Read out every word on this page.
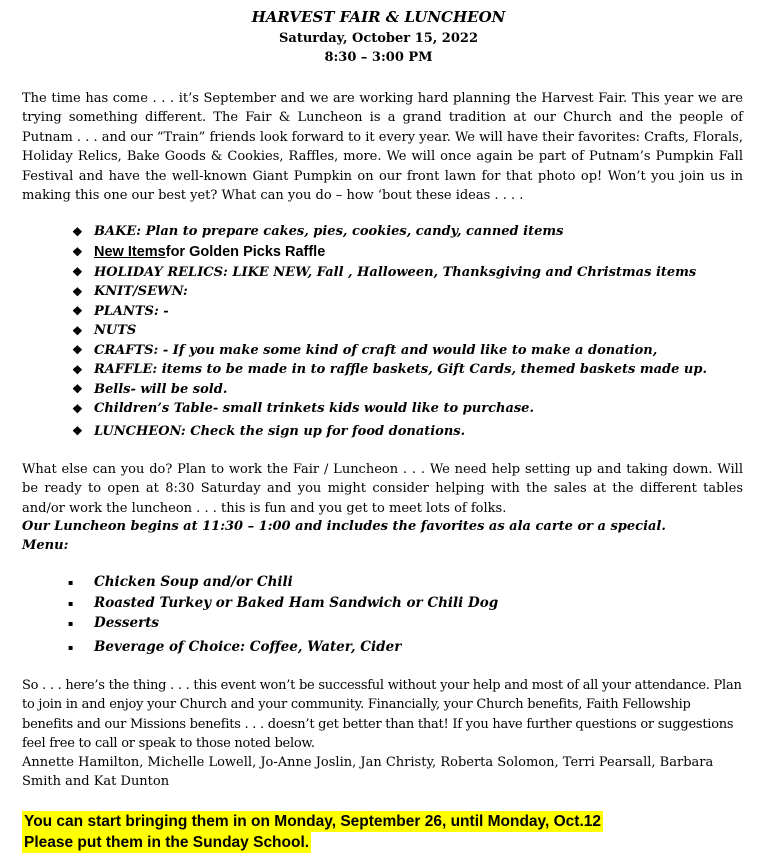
HARVEST FAIR & LUNCHEON
Saturday, October 15, 2022
8:30 – 3:00 PM
The time has come . . . it’s September and we are working hard planning the Harvest Fair. This year we are trying something different. The Fair & Luncheon is a grand tradition at our Church and the people of Putnam . . . and our “Train” friends look forward to it every year. We will have their favorites: Crafts, Florals, Holiday Relics, Bake Goods & Cookies, Raffles, more. We will once again be part of Putnam’s Pumpkin Fall Festival and have the well-known Giant Pumpkin on our front lawn for that photo op! Won’t you join us in making this one our best yet? What can you do – how ‘bout these ideas . . . .
❖ BAKE: Plan to prepare cakes, pies, cookies, candy, canned items
❖ New Items for Golden Picks Raffle
❖ HOLIDAY RELICS: LIKE NEW, Fall , Halloween, Thanksgiving and Christmas items
❖ KNIT/SEWN:
❖ PLANTS: -
❖ NUTS
❖ CRAFTS: - If you make some kind of craft and would like to make a donation,
❖ RAFFLE: items to be made in to raffle baskets, Gift Cards, themed baskets made up.
❖ Bells- will be sold.
❖ Children’s Table- small trinkets kids would like to purchase.
❖ LUNCHEON: Check the sign up for food donations.
What else can you do? Plan to work the Fair / Luncheon . . . We need help setting up and taking down. Will be ready to open at 8:30 Saturday and you might consider helping with the sales at the different tables and/or work the luncheon . . . this is fun and you get to meet lots of folks.
Our Luncheon begins at 11:30 – 1:00 and includes the favorites as ala carte or a special.
Menu:
▪	Chicken Soup and/or Chili
▪	Roasted Turkey or Baked Ham Sandwich or Chili Dog
▪	Desserts
▪	Beverage of Choice: Coffee, Water, Cider
So . . . here’s the thing . . . this event won’t be successful without your help and most of all your attendance. Plan to join in and enjoy your Church and your community. Financially, your Church benefits, Faith Fellowship benefits and our Missions benefits . . . doesn’t get better than that! If you have further questions or suggestions feel free to call or speak to those noted below.
Annette Hamilton, Michelle Lowell, Jo-Anne Joslin, Jan Christy, Roberta Solomon, Terri Pearsall, Barbara Smith and Kat Dunton
You can start bringing them in on Monday, September 26, until Monday, Oct.12
Please put them in the Sunday School.
